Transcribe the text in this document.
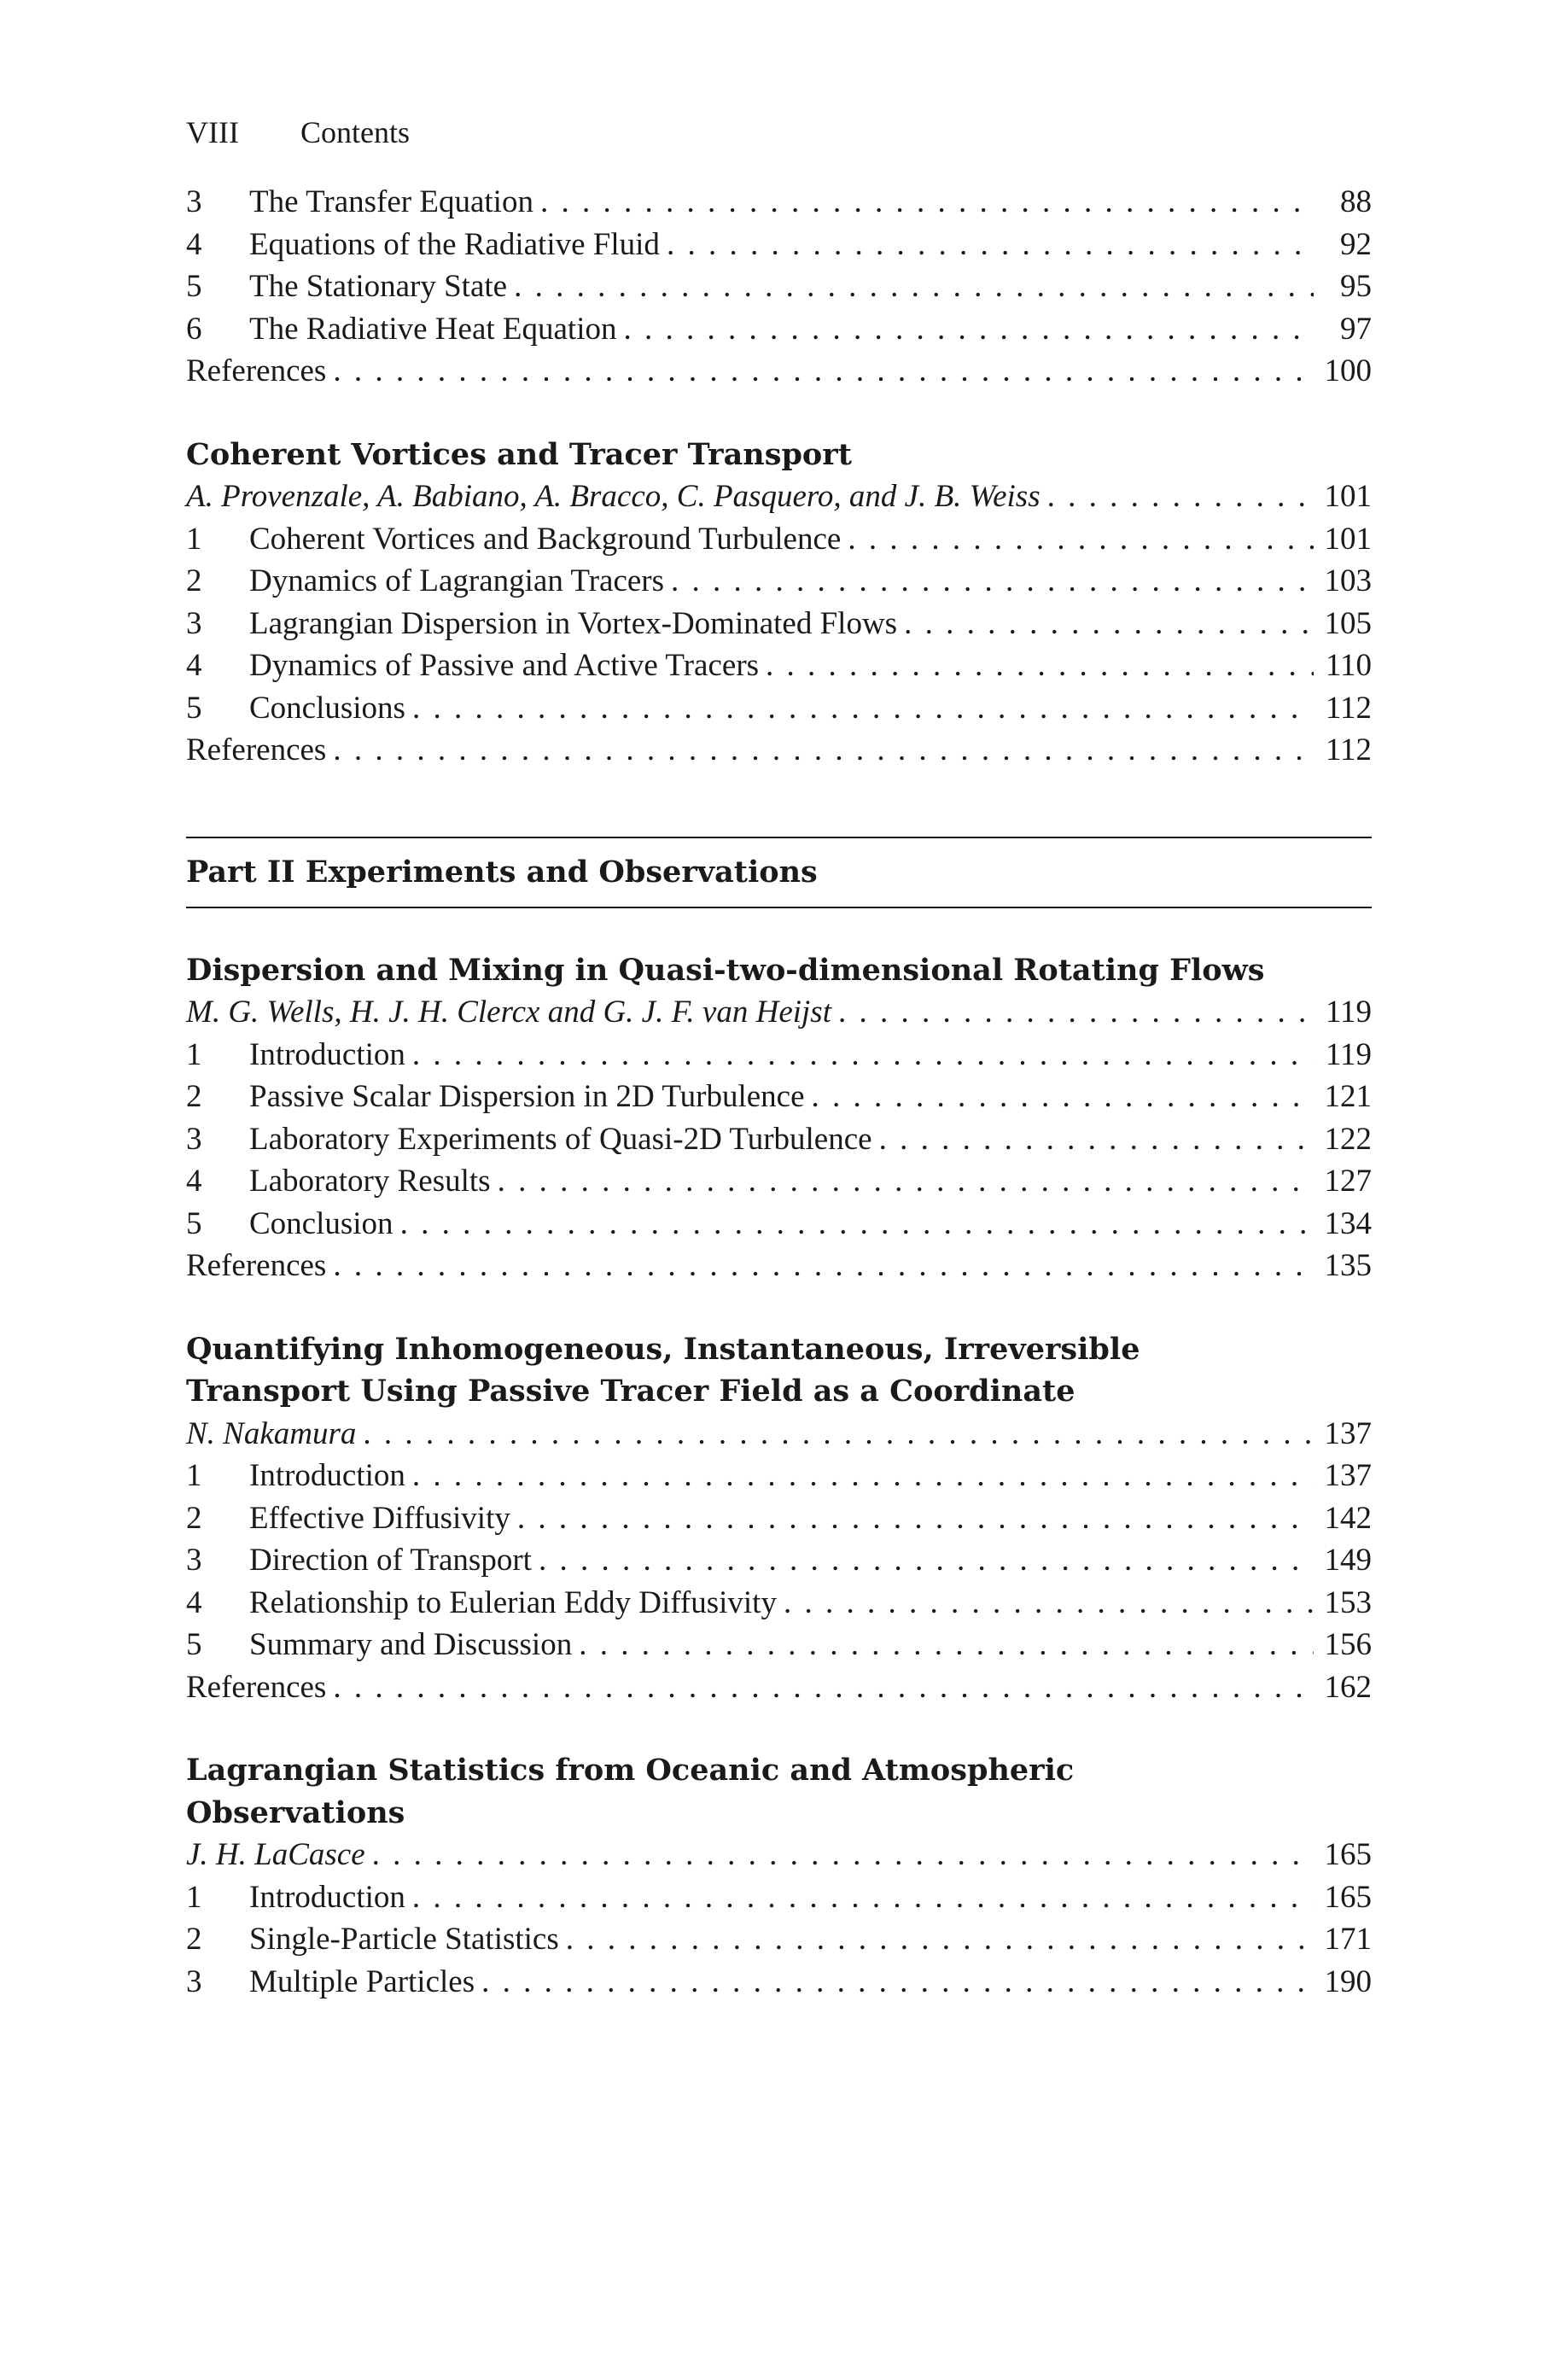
VIII Contents
3	The Transfer Equation . . .	88
4	Equations of the Radiative Fluid . . .	92
5	The Stationary State . . .	95
6	The Radiative Heat Equation . . .	97
References . . .	100
Coherent Vortices and Tracer Transport
A. Provenzale, A. Babiano, A. Bracco, C. Pasquero, and J. B. Weiss . . .	101
1	Coherent Vortices and Background Turbulence . . .	101
2	Dynamics of Lagrangian Tracers . . .	103
3	Lagrangian Dispersion in Vortex-Dominated Flows . . .	105
4	Dynamics of Passive and Active Tracers . . .	110
5	Conclusions . . .	112
References . . .	112
Part II Experiments and Observations
Dispersion and Mixing in Quasi-two-dimensional Rotating Flows
M. G. Wells, H. J. H. Clercx and G. J. F. van Heijst . . .	119
1	Introduction . . .	119
2	Passive Scalar Dispersion in 2D Turbulence . . .	121
3	Laboratory Experiments of Quasi-2D Turbulence . . .	122
4	Laboratory Results . . .	127
5	Conclusion . . .	134
References . . .	135
Quantifying Inhomogeneous, Instantaneous, Irreversible Transport Using Passive Tracer Field as a Coordinate
N. Nakamura . . .	137
1	Introduction . . .	137
2	Effective Diffusivity . . .	142
3	Direction of Transport . . .	149
4	Relationship to Eulerian Eddy Diffusivity . . .	153
5	Summary and Discussion . . .	156
References . . .	162
Lagrangian Statistics from Oceanic and Atmospheric Observations
J. H. LaCasce . . .	165
1	Introduction . . .	165
2	Single-Particle Statistics . . .	171
3	Multiple Particles . . .	190
